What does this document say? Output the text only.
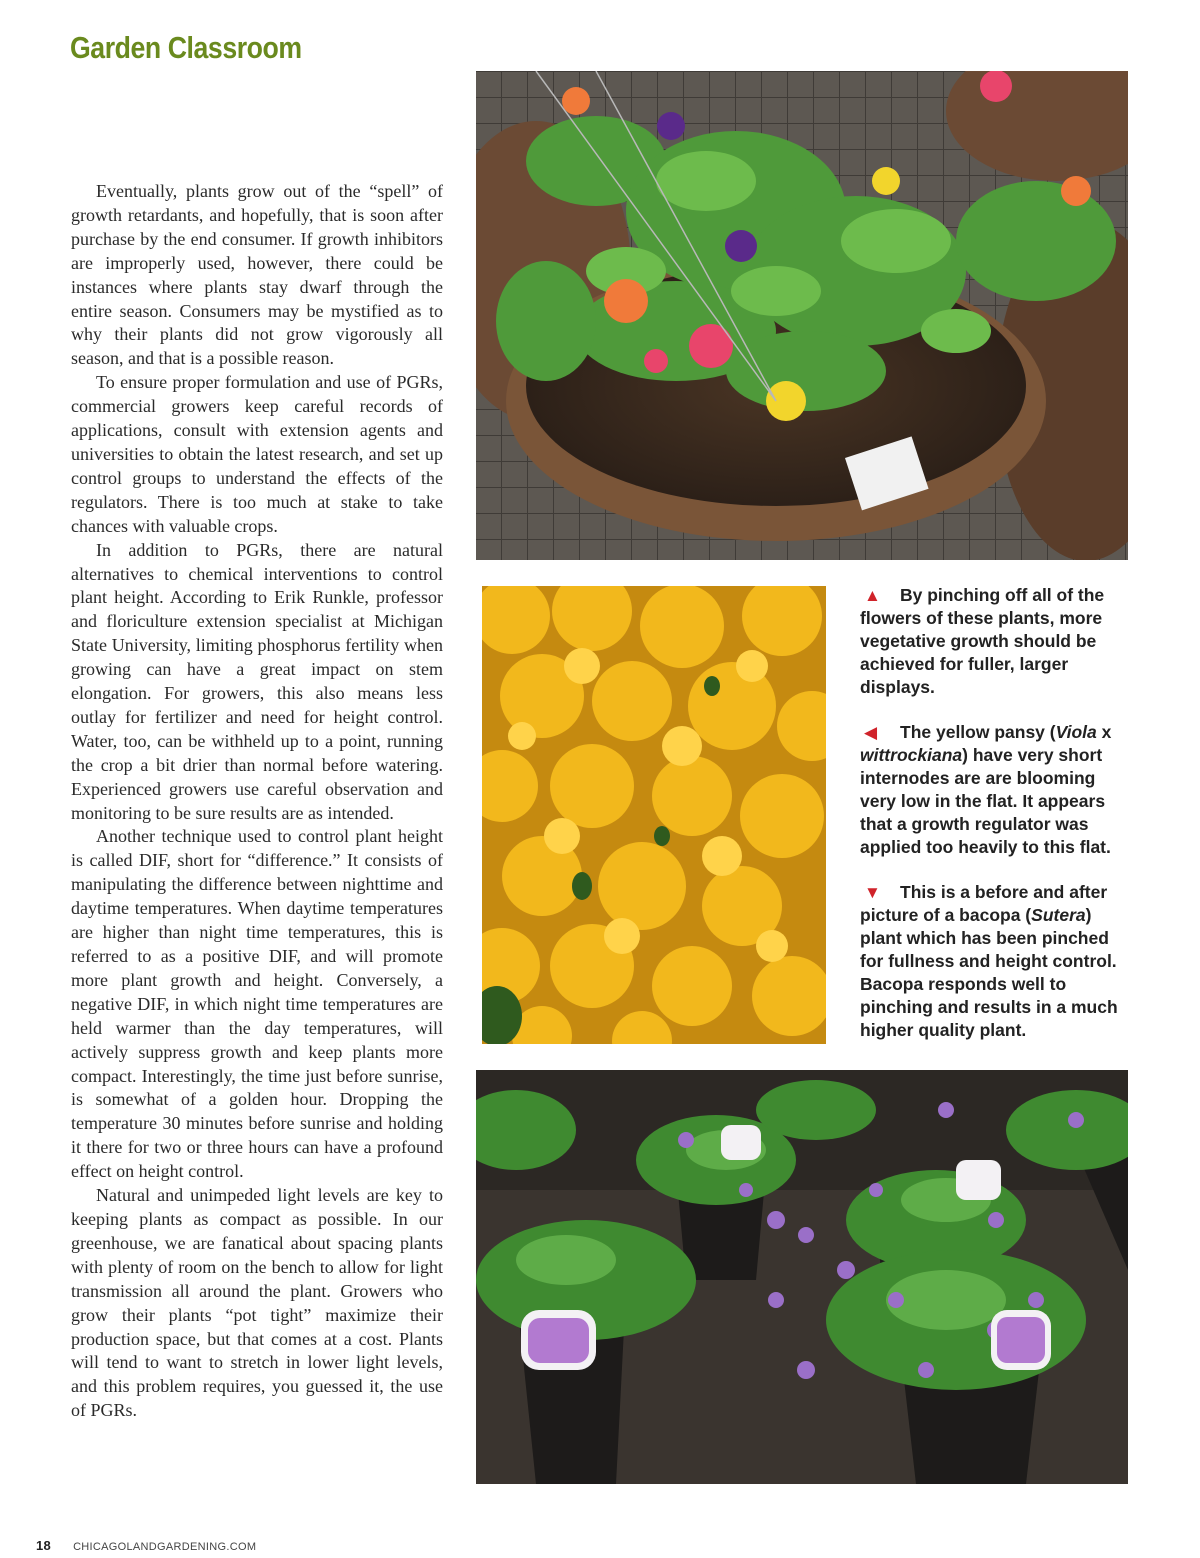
Garden Classroom

Eventually, plants grow out of the “spell” of growth retardants, and hopefully, that is soon after purchase by the end consumer. If growth inhibitors are improperly used, however, there could be instances where plants stay dwarf through the entire season. Consumers may be mystified as to why their plants did not grow vigorously all season, and that is a possible reason.

To ensure proper formulation and use of PGRs, commercial growers keep careful records of applications, consult with extension agents and universities to obtain the latest research, and set up control groups to understand the effects of the regulators. There is too much at stake to take chances with valuable crops.

In addition to PGRs, there are natural alternatives to chemical interventions to control plant height. According to Erik Runkle, professor and floriculture extension specialist at Michigan State University, limiting phosphorus fertility when growing can have a great impact on stem elongation. For growers, this also means less outlay for fertilizer and need for height control. Water, too, can be withheld up to a point, running the crop a bit drier than normal before watering. Experienced growers use careful observation and monitoring to be sure results are as intended.

Another technique used to control plant height is called DIF, short for “difference.” It consists of manipulating the difference between nighttime and daytime temperatures. When daytime temperatures are higher than night time temperatures, this is referred to as a positive DIF, and will promote more plant growth and height. Conversely, a negative DIF, in which night time temperatures are held warmer than the day temperatures, will actively suppress growth and keep plants more compact. Interestingly, the time just before sunrise, is somewhat of a golden hour. Dropping the temperature 30 minutes before sunrise and holding it there for two or three hours can have a profound effect on height control.

Natural and unimpeded light levels are key to keeping plants as compact as possible. In our greenhouse, we are fanatical about spacing plants with plenty of room on the bench to allow for light transmission all around the plant. Growers who grow their plants “pot tight” maximize their production space, but that comes at a cost. Plants will tend to want to stretch in lower light levels, and this problem requires, you guessed it, the use of PGRs.

▲ By pinching off all of the flowers of these plants, more vegetative growth should be achieved for fuller, larger displays.

◀ The yellow pansy (Viola x wittrockiana) have very short internodes are are blooming very low in the flat. It appears that a growth regulator was applied too heavily to this flat.

▼ This is a before and after picture of a bacopa (Sutera) plant which has been pinched for fullness and height control. Bacopa responds well to pinching and results in a much higher quality plant.

18 CHICAGOLANDGARDENING.COM
